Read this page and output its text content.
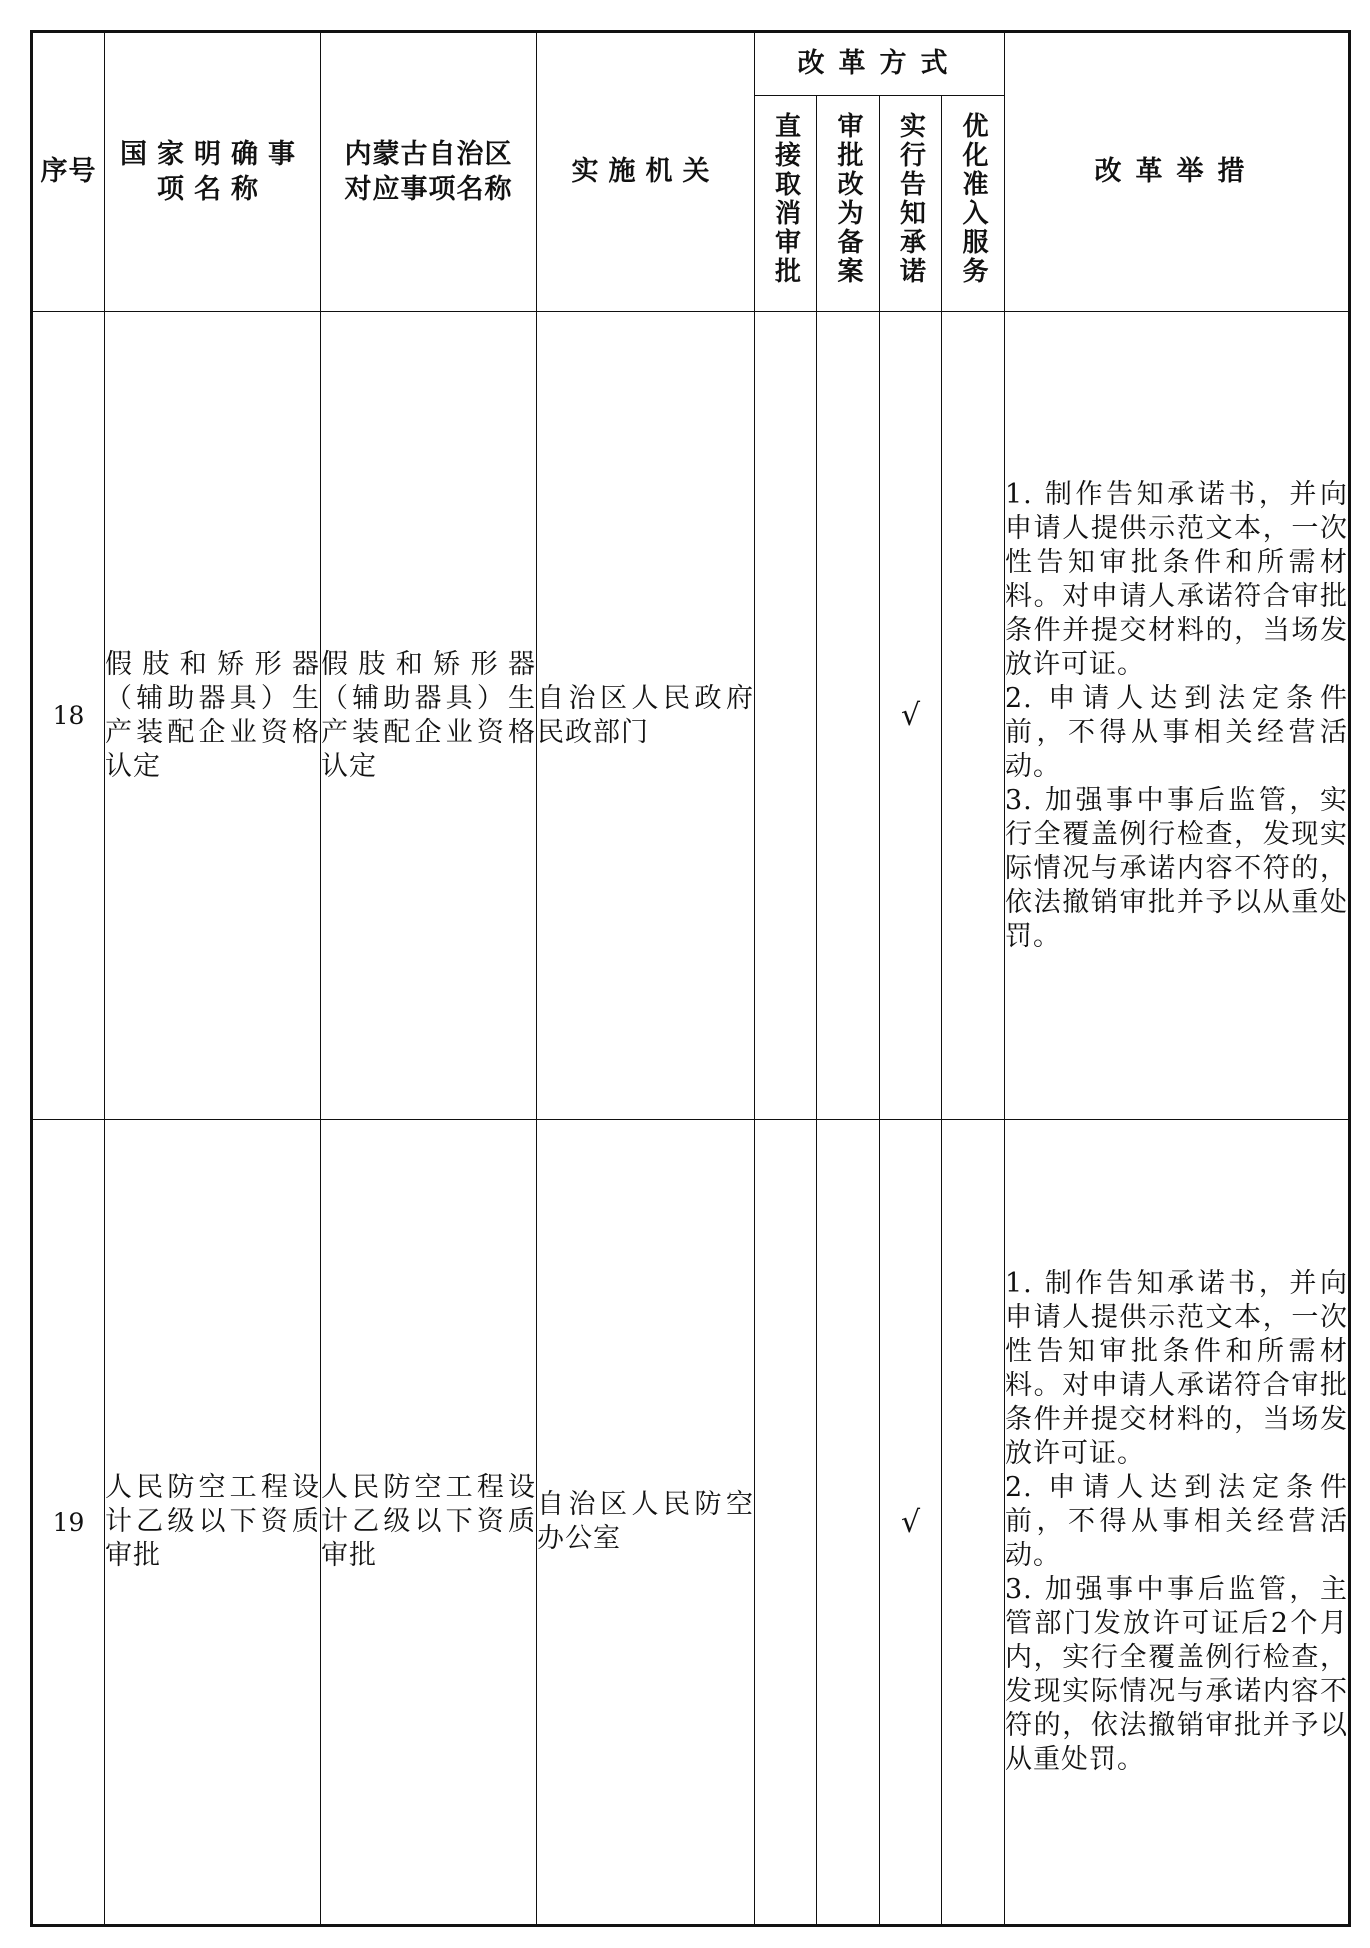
序号	国家明确事项名称	内蒙古自治区对应事项名称	实施机关	改革方式				改革举措
				直接取消审批	审批改为备案	实行告知承诺	优化准入服务	
18	假肢和矫形器（辅助器具）生产装配企业资格认定	假肢和矫形器（辅助器具）生产装配企业资格认定	自治区人民政府民政部门			√		1. 制作告知承诺书，并向申请人提供示范文本，一次性告知审批条件和所需材料。对申请人承诺符合审批条件并提交材料的，当场发放许可证。
2. 申请人达到法定条件前，不得从事相关经营活动。
3. 加强事中事后监管，实行全覆盖例行检查，发现实际情况与承诺内容不符的，依法撤销审批并予以从重处罚。

19	人民防空工程设计乙级以下资质审批	人民防空工程设计乙级以下资质审批	自治区人民防空办公室			√		1. 制作告知承诺书，并向申请人提供示范文本，一次性告知审批条件和所需材料。对申请人承诺符合审批条件并提交材料的，当场发放许可证。
2. 申请人达到法定条件前，不得从事相关经营活动。
3. 加强事中事后监管，主管部门发放许可证后2个月内，实行全覆盖例行检查，发现实际情况与承诺内容不符的，依法撤销审批并予以从重处罚。
